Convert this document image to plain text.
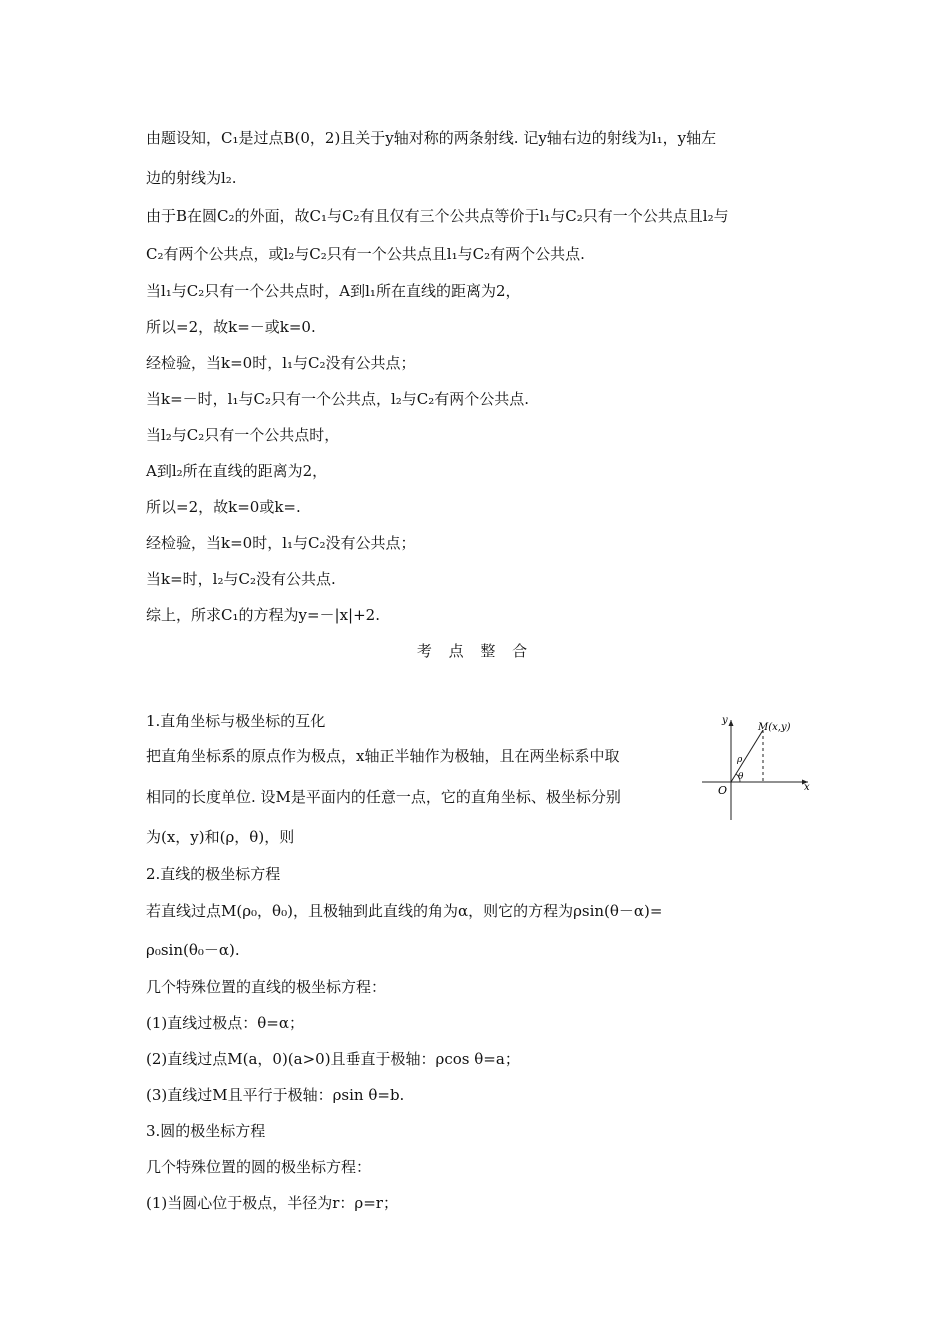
由题设知，C₁是过点B(0，2)且关于y轴对称的两条射线. 记y轴右边的射线为l₁，y轴左
边的射线为l₂.
由于B在圆C₂的外面，故C₁与C₂有且仅有三个公共点等价于l₁与C₂只有一个公共点且l₂与
C₂有两个公共点，或l₂与C₂只有一个公共点且l₁与C₂有两个公共点.
当l₁与C₂只有一个公共点时，A到l₁所在直线的距离为2，
所以=2，故k=－或k=0.
经检验，当k=0时，l₁与C₂没有公共点；
当k=－时，l₁与C₂只有一个公共点，l₂与C₂有两个公共点.
当l₂与C₂只有一个公共点时，
A到l₂所在直线的距离为2，
所以=2，故k=0或k=.
经检验，当k=0时，l₁与C₂没有公共点；
当k=时，l₂与C₂没有公共点.
综上，所求C₁的方程为y=－|x|+2.
考 点 整 合
1.直角坐标与极坐标的互化
把直角坐标系的原点作为极点，x轴正半轴作为极轴，且在两坐标系中取
相同的长度单位. 设M是平面内的任意一点，它的直角坐标、极坐标分别
为(x，y)和(ρ，θ)，则
2.直线的极坐标方程
若直线过点M(ρ₀，θ₀)，且极轴到此直线的角为α，则它的方程为ρsin(θ－α)=
ρ₀sin(θ₀－α).
几个特殊位置的直线的极坐标方程：
(1)直线过极点：θ=α；
(2)直线过点M(a，0)(a>0)且垂直于极轴：ρcos θ=a；
(3)直线过M且平行于极轴：ρsin θ=b.
3.圆的极坐标方程
几个特殊位置的圆的极坐标方程：
(1)当圆心位于极点，半径为r：ρ=r；
y
x
O
M(x,y)
ρ
θ
